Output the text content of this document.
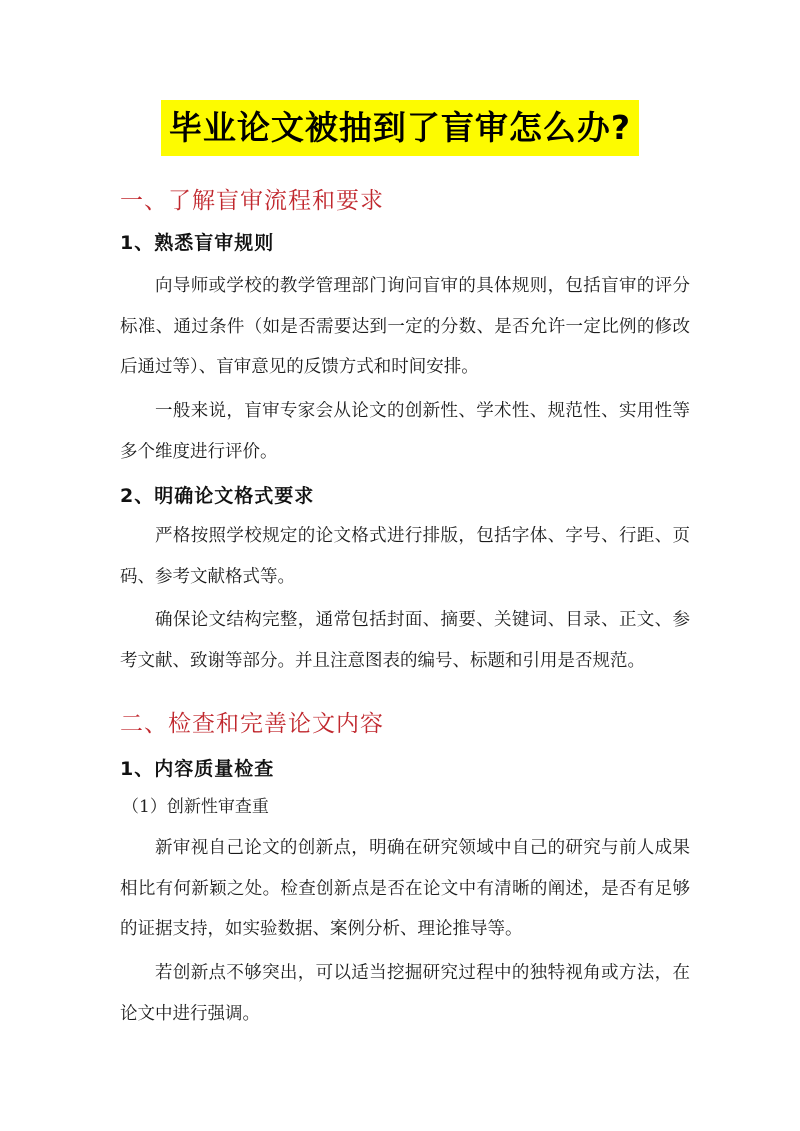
毕业论文被抽到了盲审怎么办?
一、了解盲审流程和要求
1、熟悉盲审规则

向导师或学校的教学管理部门询问盲审的具体规则，包括盲审的评分标准、通过条件（如是否需要达到一定的分数、是否允许一定比例的修改后通过等）、盲审意见的反馈方式和时间安排。

一般来说，盲审专家会从论文的创新性、学术性、规范性、实用性等多个维度进行评价。

2、明确论文格式要求

严格按照学校规定的论文格式进行排版，包括字体、字号、行距、页码、参考文献格式等。

确保论文结构完整，通常包括封面、摘要、关键词、目录、正文、参考文献、致谢等部分。并且注意图表的编号、标题和引用是否规范。

二、检查和完善论文内容
1、内容质量检查
（1）创新性审查重

新审视自己论文的创新点，明确在研究领域中自己的研究与前人成果相比有何新颖之处。检查创新点是否在论文中有清晰的阐述，是否有足够的证据支持，如实验数据、案例分析、理论推导等。

若创新点不够突出，可以适当挖掘研究过程中的独特视角或方法，在论文中进行强调。
